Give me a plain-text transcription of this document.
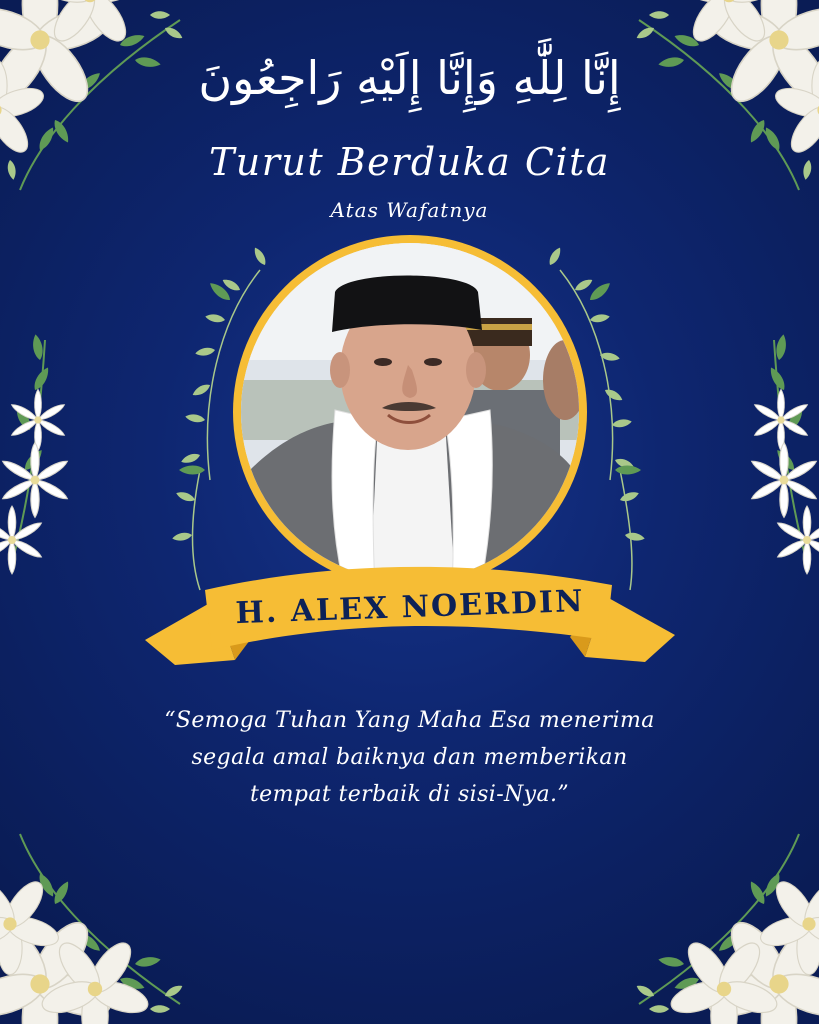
إِنَّا لِلَّٰهِ وَإِنَّا إِلَيْهِ رَاجِعُونَ
Turut Berduka Cita
Atas Wafatnya
H. ALEX NOERDIN
“Semoga Tuhan Yang Maha Esa menerima
segala amal baiknya dan memberikan
tempat terbaik di sisi-Nya.”
